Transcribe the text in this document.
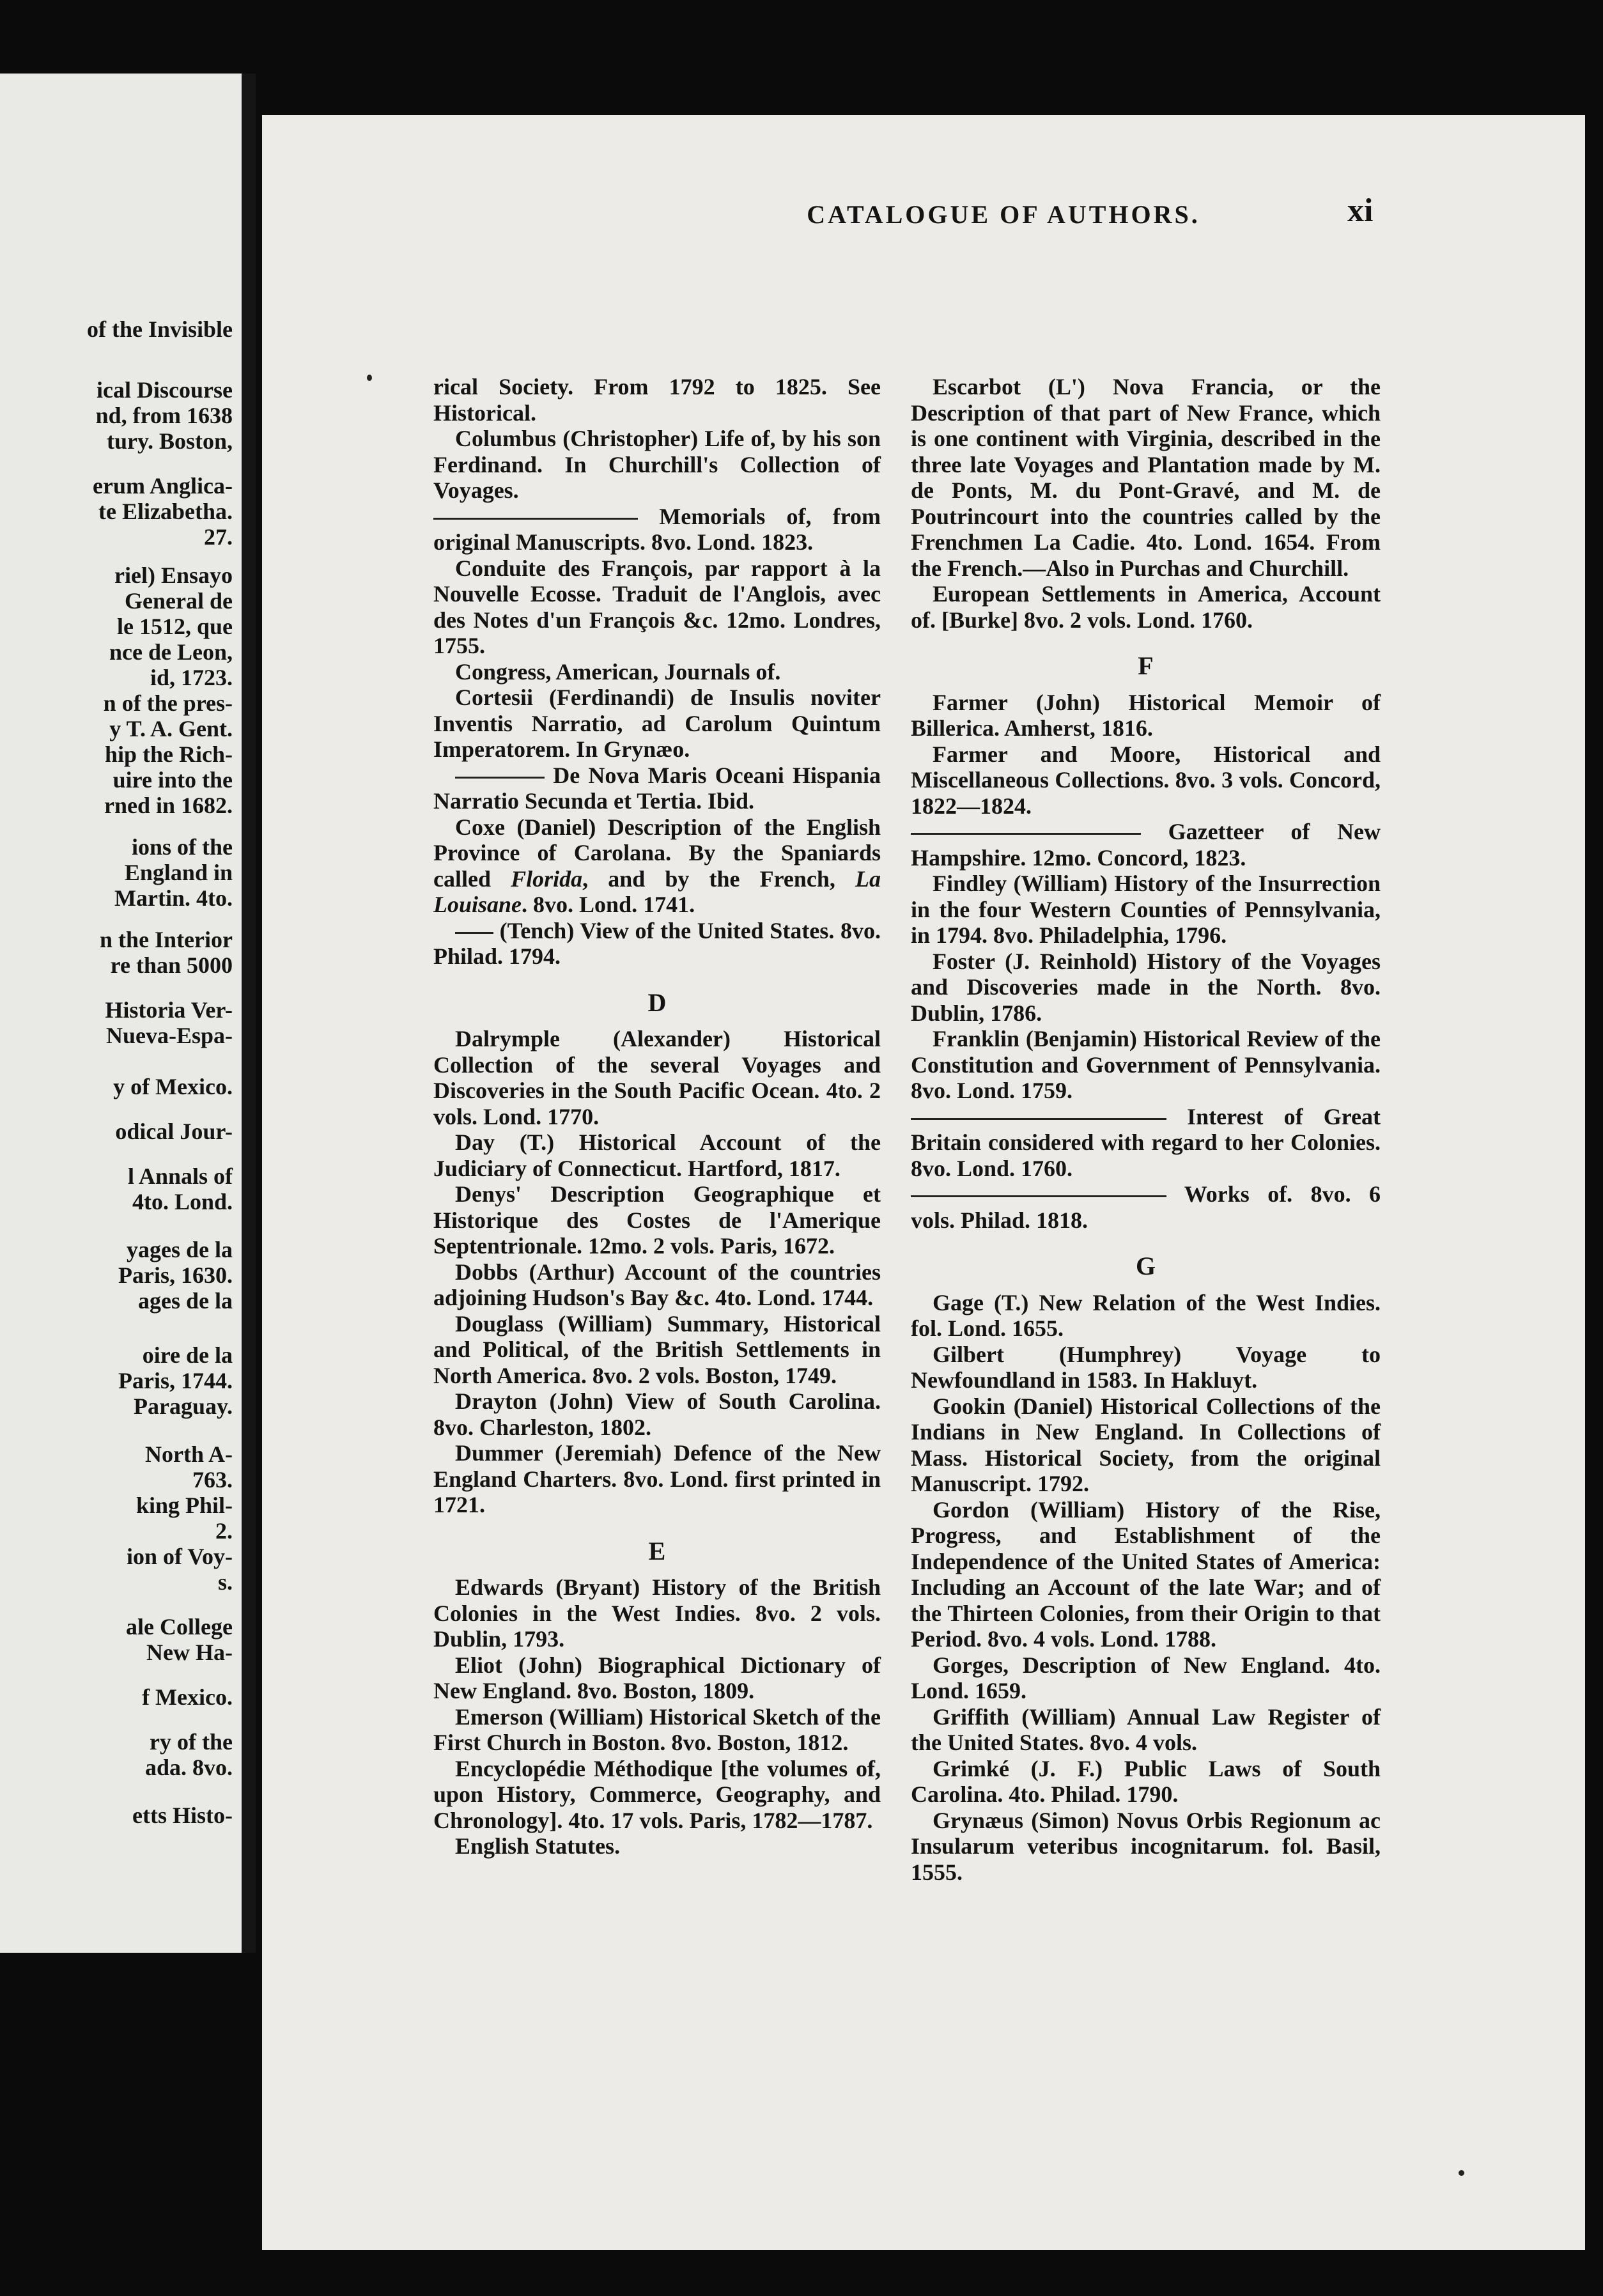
of the Invisible
ical Discourse
nd, from 1638
tury. Boston,
erum Anglica-
te Elizabetha.
27.
riel) Ensayo
General de
le 1512, que
nce de Leon,
id, 1723.
n of the pres-
y T. A. Gent.
hip the Rich-
uire into the
rned in 1682.
ions of the
England in
Martin. 4to.
n the Interior
re than 5000
Historia Ver-
Nueva-Espa-
y of Mexico.
odical Jour-
l Annals of
4to. Lond.
yages de la
Paris, 1630.
ages de la
oire de la
Paris, 1744.
Paraguay.
North A-
763.
king Phil-
2.
ion of Voy-
s.
ale College
New Ha-
f Mexico.
ry of the
ada. 8vo.
etts Histo-
CATALOGUE OF AUTHORS.	xi

rical Society. From 1792 to 1825. See Historical.

Columbus (Christopher) Life of, by his son Ferdinand. In Churchill's Collection of Voyages.

Memorials of, from original Manuscripts. 8vo. Lond. 1823.

Conduite des François, par rapport à la Nouvelle Ecosse. Traduit de l'Anglois, avec des Notes d'un François &c. 12mo. Londres, 1755.

Congress, American, Journals of.

Cortesii (Ferdinandi) de Insulis noviter Inventis Narratio, ad Carolum Quintum Imperatorem. In Grynæo.

De Nova Maris Oceani Hispania Narratio Secunda et Tertia. Ibid.

Coxe (Daniel) Description of the English Province of Carolana. By the Spaniards called Florida, and by the French, La Louisane. 8vo. Lond. 1741.

(Tench) View of the United States. 8vo. Philad. 1794.

D

Dalrymple (Alexander) Historical Collection of the several Voyages and Discoveries in the South Pacific Ocean. 4to. 2 vols. Lond. 1770.

Day (T.) Historical Account of the Judiciary of Connecticut. Hartford, 1817.

Denys' Description Geographique et Historique des Costes de l'Amerique Septentrionale. 12mo. 2 vols. Paris, 1672.

Dobbs (Arthur) Account of the countries adjoining Hudson's Bay &c. 4to. Lond. 1744.

Douglass (William) Summary, Historical and Political, of the British Settlements in North America. 8vo. 2 vols. Boston, 1749.

Drayton (John) View of South Carolina. 8vo. Charleston, 1802.

Dummer (Jeremiah) Defence of the New England Charters. 8vo. Lond. first printed in 1721.

E

Edwards (Bryant) History of the British Colonies in the West Indies. 8vo. 2 vols. Dublin, 1793.

Eliot (John) Biographical Dictionary of New England. 8vo. Boston, 1809.

Emerson (William) Historical Sketch of the First Church in Boston. 8vo. Boston, 1812.

Encyclopédie Méthodique [the volumes of, upon History, Commerce, Geography, and Chronology]. 4to. 17 vols. Paris, 1782—1787.

English Statutes.

Escarbot (L') Nova Francia, or the Description of that part of New France, which is one continent with Virginia, described in the three late Voyages and Plantation made by M. de Ponts, M. du Pont-Gravé, and M. de Poutrincourt into the countries called by the Frenchmen La Cadie. 4to. Lond. 1654. From the French.—Also in Purchas and Churchill.

European Settlements in America, Account of. [Burke] 8vo. 2 vols. Lond. 1760.

F

Farmer (John) Historical Memoir of Billerica. Amherst, 1816.

Farmer and Moore, Historical and Miscellaneous Collections. 8vo. 3 vols. Concord, 1822—1824.

Gazetteer of New Hampshire. 12mo. Concord, 1823.

Findley (William) History of the Insurrection in the four Western Counties of Pennsylvania, in 1794. 8vo. Philadelphia, 1796.

Foster (J. Reinhold) History of the Voyages and Discoveries made in the North. 8vo. Dublin, 1786.

Franklin (Benjamin) Historical Review of the Constitution and Government of Pennsylvania. 8vo. Lond. 1759.

Interest of Great Britain considered with regard to her Colonies. 8vo. Lond. 1760.

Works of. 8vo. 6 vols. Philad. 1818.

G

Gage (T.) New Relation of the West Indies. fol. Lond. 1655.

Gilbert (Humphrey) Voyage to Newfoundland in 1583. In Hakluyt.

Gookin (Daniel) Historical Collections of the Indians in New England. In Collections of Mass. Historical Society, from the original Manuscript. 1792.

Gordon (William) History of the Rise, Progress, and Establishment of the Independence of the United States of America: Including an Account of the late War; and of the Thirteen Colonies, from their Origin to that Period. 8vo. 4 vols. Lond. 1788.

Gorges, Description of New England. 4to. Lond. 1659.

Griffith (William) Annual Law Register of the United States. 8vo. 4 vols.

Grimké (J. F.) Public Laws of South Carolina. 4to. Philad. 1790.

Grynæus (Simon) Novus Orbis Regionum ac Insularum veteribus incognitarum. fol. Basil, 1555.
